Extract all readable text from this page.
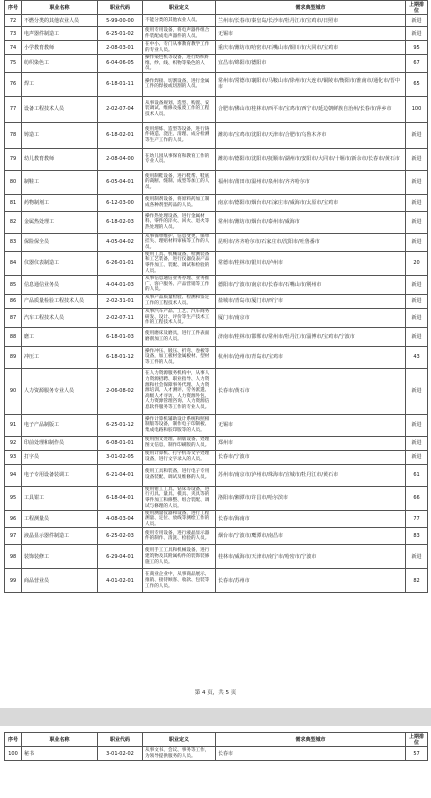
序号	职业名称	职业代码	职业定义	需求典型城市	上期排位
72	不燃分类的其他农业人员	5-99-00-00	不能分类的其他农业人员。	兰州市/长春市/秦皇岛/长沙市/牡丹江市/宝鸡市/日照市	新进
73	电声器件制造工	6-25-01-02	使用专用设备，将电声器件组合件装配成电声器件的人员。	无锡市	新进
74	小学教育教师	2-08-03-01	在中小、专门从事教育教学工作的专业人员。	重庆市/潍坊市/哈密市/石嘴山市/铜川市/大同市/宝鸡市	95
75	纺织染色工	6-04-06-05	操作染色机等设备，进行纺织纤维、纱、线、织物等染色的人员。	宜昌市/绵阳市/德阳市	67
76	焊工	6-18-01-11	操作焊接、切割设备，进行金属工件的焊接或切割的人员。	常州市/常德市/襄阳市/马鞍山市/徐州市/大连市/铜陵市/衡阳市/淮南市/通化市/晋中市	65
77	设备工程技术人员	2-02-07-04	从事设备规划、选型、购置、安装调试、维修及报废工作的工程技术人员。	合肥市/佛山市/桂林市/西平市/宝鸡市/西宁市/延边朝鲜族自治州/长春市/萍乡市	100
78	铸造工	6-18-02-01	使用熔炼、造型等设备，进行铸件铸造、浇注、清理、成分检测等生产工作的人员。	潍坊市/宝鸡市/沈阳市/天津市/合肥市/乌鲁木齐市	新进
79	幼儿教育教师	2-08-04-00	在幼儿园从事保育和教育工作的专业人员。	潍坊市/德阳市/沈阳市/抚顺市/湖州市/安阳市/大同市/十堰市/新余市/长春市/黄石市	新进
80	制鞋工	6-05-04-01	使用制鞋设备，进行鞋帮、鞋底的裁断、缝制、成型等加工的人员。	福州市/莆田市/温州市/泉州市/齐齐哈尔市	新进
81	药物制剂工	6-12-03-00	使用制剂设备，将原料药加工制成各种剂型药品的人员。	南京市/德阳市/烟台市/石家庄市/威海市/太原市/宝鸡市	新进
82	金属热处理工	6-18-02-03	操作热处理设备，进行金属材料、零件的淬火、回火、退火等热处理的人员。	常州市/潍坊市/烟台市/泰州市/威海市	新进
83	保险保全员	4-05-04-02	从事保单维护、信息变更、保单挂失、理赔材料审核等工作的人员。	昆明市/齐齐哈尔市/石家庄市/沈阳市/吐鲁番市	新进
84	仪器仪表制造工	6-26-01-01	使用工具、机械设备，检测装备和工艺装备，进行仪器仪表产品零件加工、装配、调试和检验的人员。	常德市/桂林市/银川市/泸州市	20
85	信息通信业务员	4-04-01-03	从事信息通信业务办理、业务推广、客户服务、产品营销等工作的人员。	德阳市/宁波市/南京市/长春市/石嘴山市/荆州市	新进
86	产品质量检验工程技术人员	2-02-31-01	从事产品质量检验、检测和鉴定工作的工程技术人员。	盐城市/青岛市/厦门市/西宁市	新进
87	汽车工程技术人员	2-02-07-11	从事汽车产品、工艺、汽车商务研发、设计、评价等生产技术工作的工程技术人员。	厦门市/南京市	新进
88	磨工	6-18-01-03	使用磨床及磨具，进行工件表面磨削加工的人员。	济南市/桂林市/邯郸市/常州市/牡丹江市/淄博市/宝鸡市/宁波市	新进
89	冲压工	6-18-01-12	操作冲压、锻压、折弯、卷板等设备，加工板材金属板材、型材等工件的人员。	杭州市/沧州市/青岛市/宝鸡市	43
90	人力资源服务专业人员	2-06-08-02	在人力资源服务机构中，从事人力资源招聘、职业指导、人力资源和社会保障事务代理、人力资源培训、人才测评、劳务派遣、高级人才寻访、人力资源外包、人力资源管理咨询、人力资源信息软件服务等工作的专业人员。	长春市/黄石市	新进
91	电子产品制版工	6-25-01-12	操作计算机辅助设计系统和照相制版等设备，制作电子印制板、集成电路和胶印版等的人员。	无锡市	新进
92	印前处理和制作员	6-08-01-01	使用图文处理、制版设备，处理图文信息，制作印刷版的人员。	郑州市	新进
93	打字员	3-01-02-05	使用计算机、打字机等文字处理设备，进行文字录入的人员。	长春市/宁波市	新进
94	电子专用设备装调工	6-21-04-01	使用工具和装备，进行电子专用设备装配、调试及维修的人员。	苏州市/南京市/泸州市/珠海市/宣城市/牡丹江市/黄石市	61
95	工具钳工	6-18-04-01	使用钳工工具、钻床等设备，进行刃具、量具、模具、夹具等的零件加工和修整、组合装配、调试与修理的人员。	洛阳市/湘潭市/许昌市/哈尔滨市	66
96	工程测量员	4-08-03-04	使用测量仪器和设备，进行工程测量、定位、放线等测绘工作的人员。	长春市/海南市	77
97	液晶显示器件制造工	6-25-02-03	使用专用设备，进行液晶显示器件的制作、清洗、检验的人员。	烟台市/宁波市/鹰潭市/南昌市	83
98	装饰装修工	6-29-04-01	使用手工工具和机械设备，进行建筑物及其附属构件的装饰装修施工的人员。	桂林市/威海市/天津市/南宁市/哈密市/宁波市	新进
99	商品营业员	4-01-02-01	在商业企业中，从事商品展示、推销、接待顾客、收款、包装等工作的人员。	长春市/苏州市	82
第 4 页，共 5 页
序号	职业名称	职业代码	职业定义	需求典型城市	上期排位
100	秘书	3-01-02-02	从事文书、会议、事务等工作，为领导提供服务的人员。	长春市	57
